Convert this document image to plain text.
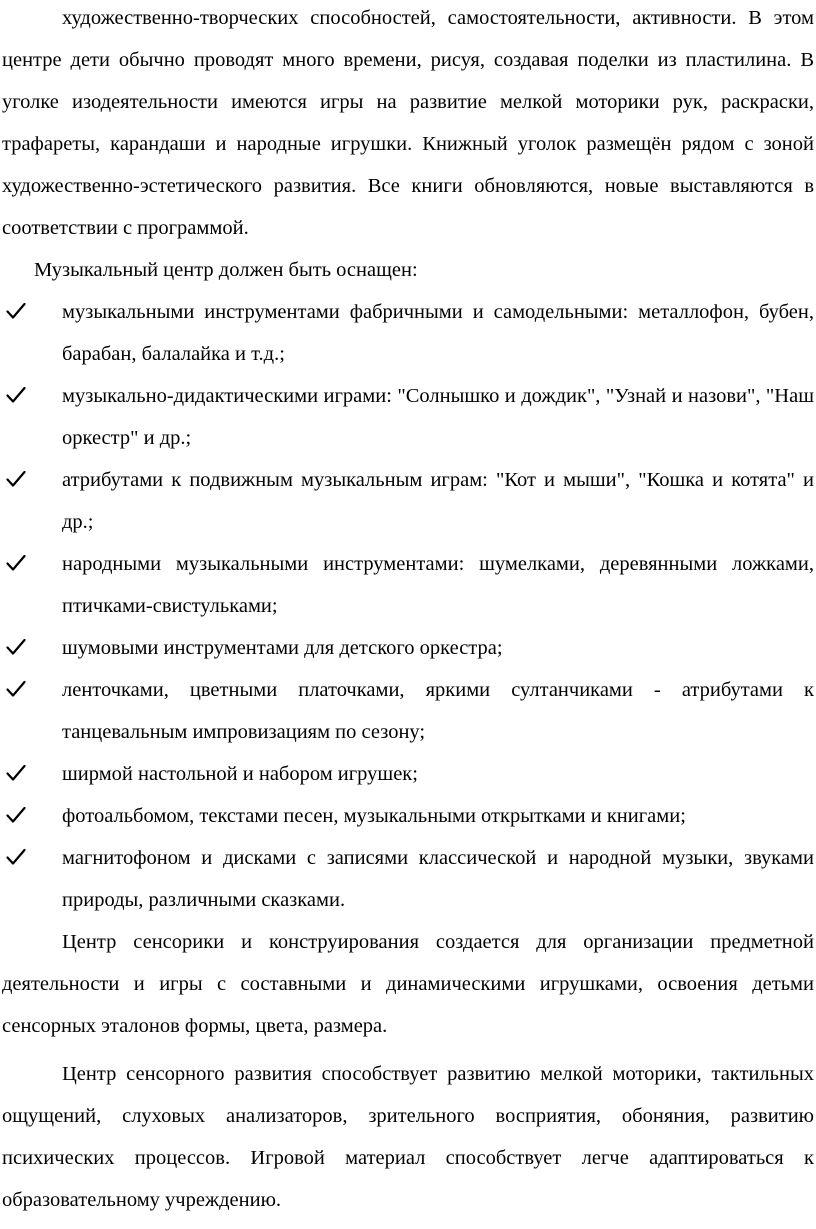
художественно-творческих способностей, самостоятельности, активности. В этом центре дети обычно проводят много времени, рисуя, создавая поделки из пластилина. В уголке изодеятельности имеются игры на развитие мелкой моторики рук, раскраски, трафареты, карандаши и народные игрушки. Книжный уголок размещён рядом с зоной художественно-эстетического развития. Все книги обновляются, новые выставляются в соответствии с программой.

Музыкальный центр должен быть оснащен:

музыкальными инструментами фабричными и самодельными: металлофон, бубен, барабан, балалайка и т.д.;
музыкально-дидактическими играми: "Солнышко и дождик", "Узнай и назови", "Наш оркестр" и др.;
атрибутами к подвижным музыкальным играм: "Кот и мыши", "Кошка и котята" и др.;
народными музыкальными инструментами: шумелками, деревянными ложками, птичками-свистульками;
шумовыми инструментами для детского оркестра;
ленточками, цветными платочками, яркими султанчиками - атрибутами к танцевальным импровизациям по сезону;
ширмой настольной и набором игрушек;
фотоальбомом, текстами песен, музыкальными открытками и книгами;
магнитофоном и дисками с записями классической и народной музыки, звуками природы, различными сказками.

Центр сенсорики и конструирования создается для организации предметной деятельности и игры с составными и динамическими игрушками, освоения детьми сенсорных эталонов формы, цвета, размера.

Центр сенсорного развития способствует развитию мелкой моторики, тактильных ощущений, слуховых анализаторов, зрительного восприятия, обоняния, развитию психических процессов. Игровой материал способствует легче адаптироваться к образовательному учреждению.
